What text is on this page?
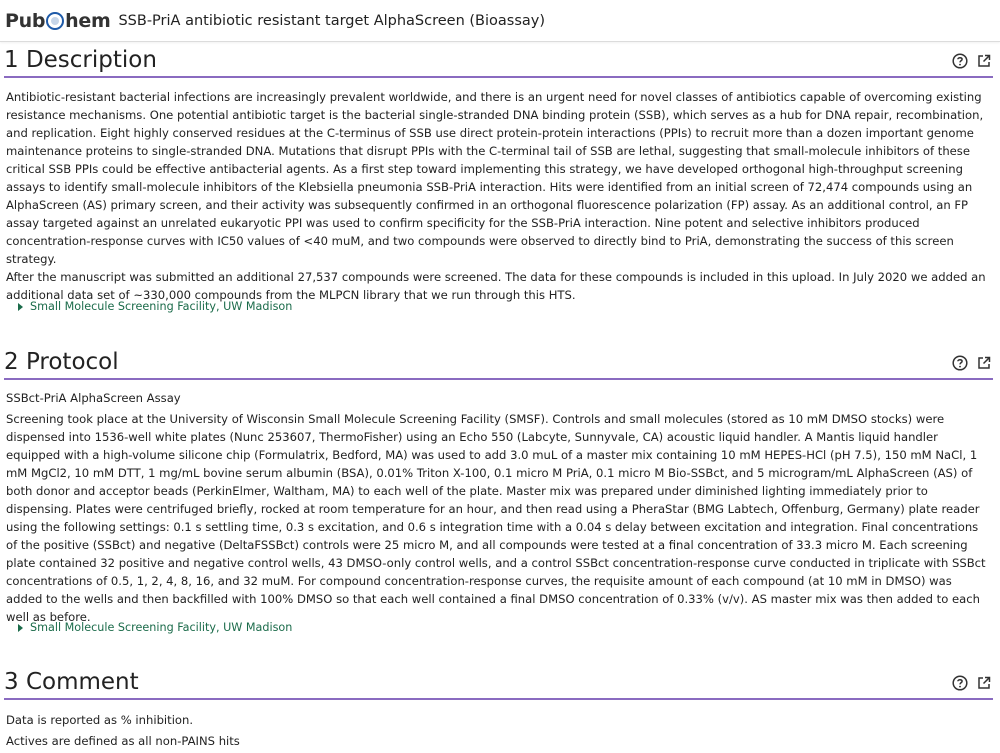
Pub hem SSB-PriA antibiotic resistant target AlphaScreen (Bioassay)
1 Description
Antibiotic-resistant bacterial infections are increasingly prevalent worldwide, and there is an urgent need for novel classes of antibiotics capable of overcoming existing resistance mechanisms. One potential antibiotic target is the bacterial single-stranded DNA binding protein (SSB), which serves as a hub for DNA repair, recombination, and replication. Eight highly conserved residues at the C-terminus of SSB use direct protein-protein interactions (PPIs) to recruit more than a dozen important genome maintenance proteins to single-stranded DNA. Mutations that disrupt PPIs with the C-terminal tail of SSB are lethal, suggesting that small-molecule inhibitors of these critical SSB PPIs could be effective antibacterial agents. As a first step toward implementing this strategy, we have developed orthogonal high-throughput screening assays to identify small-molecule inhibitors of the Klebsiella pneumonia SSB-PriA interaction. Hits were identified from an initial screen of 72,474 compounds using an AlphaScreen (AS) primary screen, and their activity was subsequently confirmed in an orthogonal fluorescence polarization (FP) assay. As an additional control, an FP assay targeted against an unrelated eukaryotic PPI was used to confirm specificity for the SSB-PriA interaction. Nine potent and selective inhibitors produced concentration-response curves with IC50 values of <40 muM, and two compounds were observed to directly bind to PriA, demonstrating the success of this screen strategy.
After the manuscript was submitted an additional 27,537 compounds were screened. The data for these compounds is included in this upload. In July 2020 we added an additional data set of ~330,000 compounds from the MLPCN library that we run through this HTS.
Small Molecule Screening Facility, UW Madison
2 Protocol
SSBct-PriA AlphaScreen Assay
Screening took place at the University of Wisconsin Small Molecule Screening Facility (SMSF). Controls and small molecules (stored as 10 mM DMSO stocks) were dispensed into 1536-well white plates (Nunc 253607, ThermoFisher) using an Echo 550 (Labcyte, Sunnyvale, CA) acoustic liquid handler. A Mantis liquid handler equipped with a high-volume silicone chip (Formulatrix, Bedford, MA) was used to add 3.0 muL of a master mix containing 10 mM HEPES-HCl (pH 7.5), 150 mM NaCl, 1 mM MgCl2, 10 mM DTT, 1 mg/mL bovine serum albumin (BSA), 0.01% Triton X-100, 0.1 micro M PriA, 0.1 micro M Bio-SSBct, and 5 microgram/mL AlphaScreen (AS) of both donor and acceptor beads (PerkinElmer, Waltham, MA) to each well of the plate. Master mix was prepared under diminished lighting immediately prior to dispensing. Plates were centrifuged briefly, rocked at room temperature for an hour, and then read using a PheraStar (BMG Labtech, Offenburg, Germany) plate reader using the following settings: 0.1 s settling time, 0.3 s excitation, and 0.6 s integration time with a 0.04 s delay between excitation and integration. Final concentrations of the positive (SSBct) and negative (DeltaFSSBct) controls were 25 micro M, and all compounds were tested at a final concentration of 33.3 micro M. Each screening plate contained 32 positive and negative control wells, 43 DMSO-only control wells, and a control SSBct concentration-response curve conducted in triplicate with SSBct concentrations of 0.5, 1, 2, 4, 8, 16, and 32 muM. For compound concentration-response curves, the requisite amount of each compound (at 10 mM in DMSO) was added to the wells and then backfilled with 100% DMSO so that each well contained a final DMSO concentration of 0.33% (v/v). AS master mix was then added to each well as before.
Small Molecule Screening Facility, UW Madison
3 Comment
Data is reported as % inhibition.
Actives are defined as all non-PAINS hits
